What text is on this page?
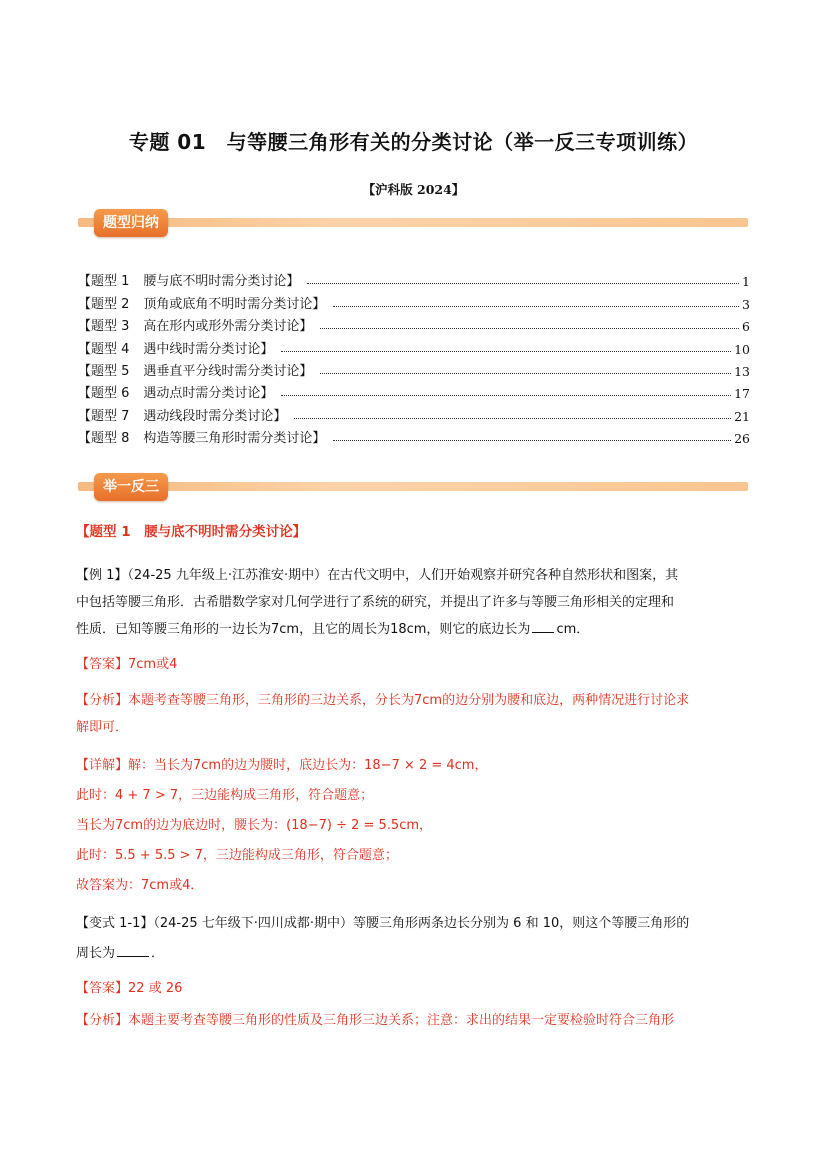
专题 01　与等腰三角形有关的分类讨论（举一反三专项训练）
【沪科版 2024】
题型归纳
【题型 1 腰与底不明时需分类讨论】	1
【题型 2 顶角或底角不明时需分类讨论】	3
【题型 3 高在形内或形外需分类讨论】	6
【题型 4 遇中线时需分类讨论】	10
【题型 5 遇垂直平分线时需分类讨论】	13
【题型 6 遇动点时需分类讨论】	17
【题型 7 遇动线段时需分类讨论】	21
【题型 8 构造等腰三角形时需分类讨论】	26
举一反三

【题型 1　腰与底不明时需分类讨论】

【例 1】（24-25 九年级上·江苏淮安·期中）在古代文明中，人们开始观察并研究各种自然形状和图案，其

中包括等腰三角形．古希腊数学家对几何学进行了系统的研究，并提出了许多与等腰三角形相关的定理和

性质．已知等腰三角形的一边长为7cm，且它的周长为18cm，则它的底边长为 cm．

【答案】7cm或4

【分析】本题考查等腰三角形，三角形的三边关系，分长为7cm的边分别为腰和底边，两种情况进行讨论求

解即可．

【详解】解：当长为7cm的边为腰时，底边长为：18−7 × 2 = 4cm，

此时：4 + 7 > 7，三边能构成三角形，符合题意；

当长为7cm的边为底边时，腰长为：(18−7) ÷ 2 = 5.5cm，

此时：5.5 + 5.5 > 7，三边能构成三角形，符合题意；

故答案为：7cm或4．

【变式 1-1】（24-25 七年级下·四川成都·期中）等腰三角形两条边长分别为 6 和 10，则这个等腰三角形的

周长为	．

【答案】22 或 26

【分析】本题主要考查等腰三角形的性质及三角形三边关系；注意：求出的结果一定要检验时符合三角形
